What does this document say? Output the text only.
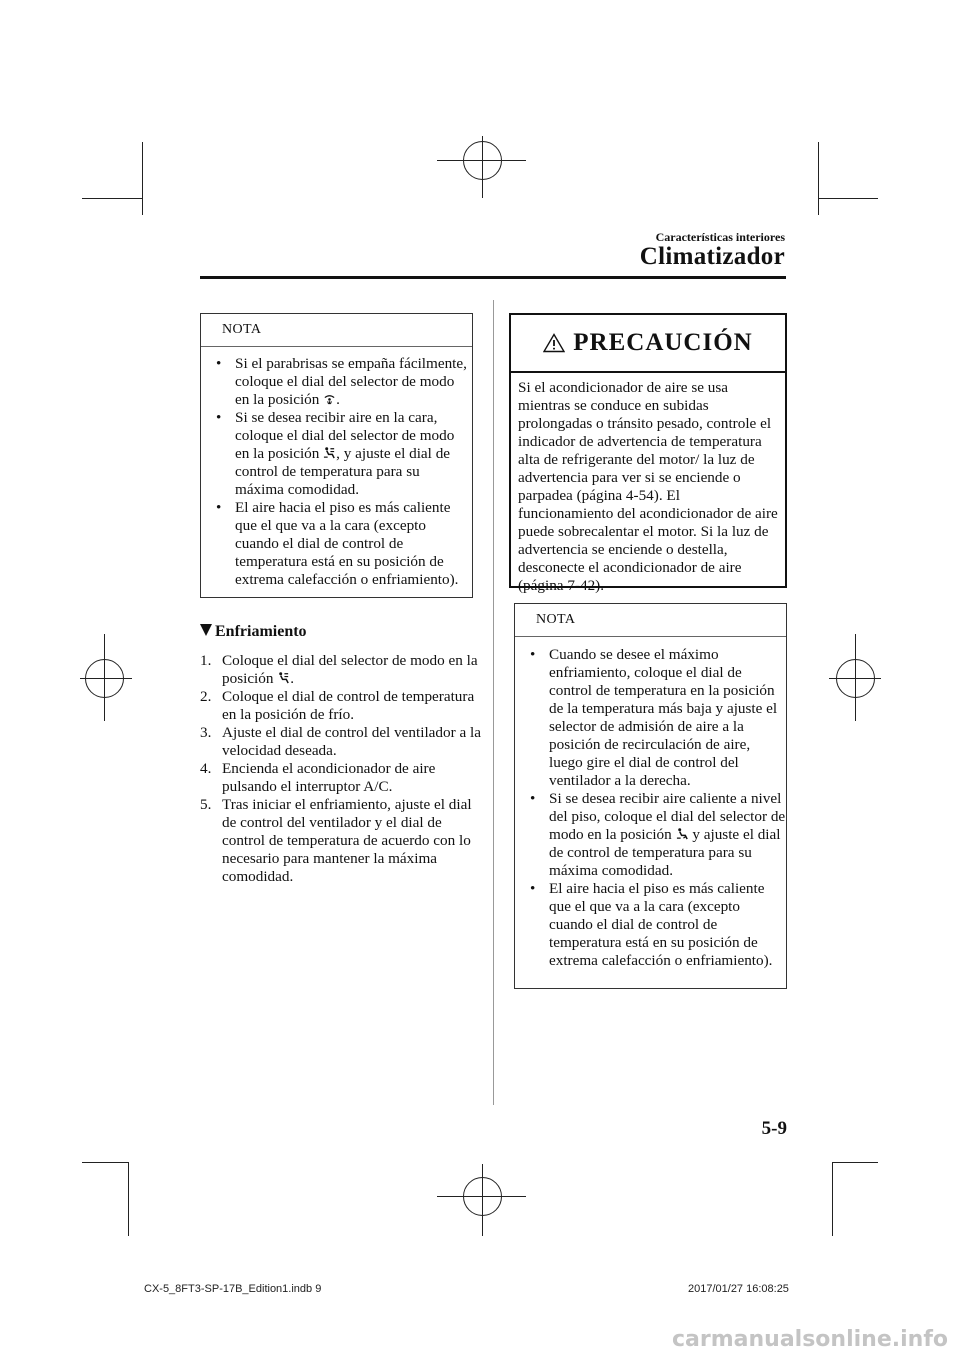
Características interiores
Climatizador
NOTA
• Si el parabrisas se empaña fácilmente, coloque el dial del selector de modo en la posición .
• Si se desea recibir aire en la cara, coloque el dial del selector de modo en la posición , y ajuste el dial de control de temperatura para su máxima comodidad.
• El aire hacia el piso es más caliente que el que va a la cara (excepto cuando el dial de control de temperatura está en su posición de extrema calefacción o enfriamiento).
Enfriamiento
1. Coloque el dial del selector de modo en la posición .
2. Coloque el dial de control de temperatura en la posición de frío.
3. Ajuste el dial de control del ventilador a la velocidad deseada.
4. Encienda el acondicionador de aire pulsando el interruptor A/C.
5. Tras iniciar el enfriamiento, ajuste el dial de control del ventilador y el dial de control de temperatura de acuerdo con lo necesario para mantener la máxima comodidad.
PRECAUCIÓN
Si el acondicionador de aire se usa mientras se conduce en subidas prolongadas o tránsito pesado, controle el indicador de advertencia de temperatura alta de refrigerante del motor/ la luz de advertencia para ver si se enciende o parpadea (página 4-54). El funcionamiento del acondicionador de aire puede sobrecalentar el motor. Si la luz de advertencia se enciende o destella, desconecte el acondicionador de aire (página 7-42).
NOTA
• Cuando se desee el máximo enfriamiento, coloque el dial de control de temperatura en la posición de la temperatura más baja y ajuste el selector de admisión de aire a la posición de recirculación de aire, luego gire el dial de control del ventilador a la derecha.
• Si se desea recibir aire caliente a nivel del piso, coloque el dial del selector de modo en la posición  y ajuste el dial de control de temperatura para su máxima comodidad.
• El aire hacia el piso es más caliente que el que va a la cara (excepto cuando el dial de control de temperatura está en su posición de extrema calefacción o enfriamiento).
5-9
CX-5_8FT3-SP-17B_Edition1.indb 9	2017/01/27 16:08:25
carmanualsonline.info
